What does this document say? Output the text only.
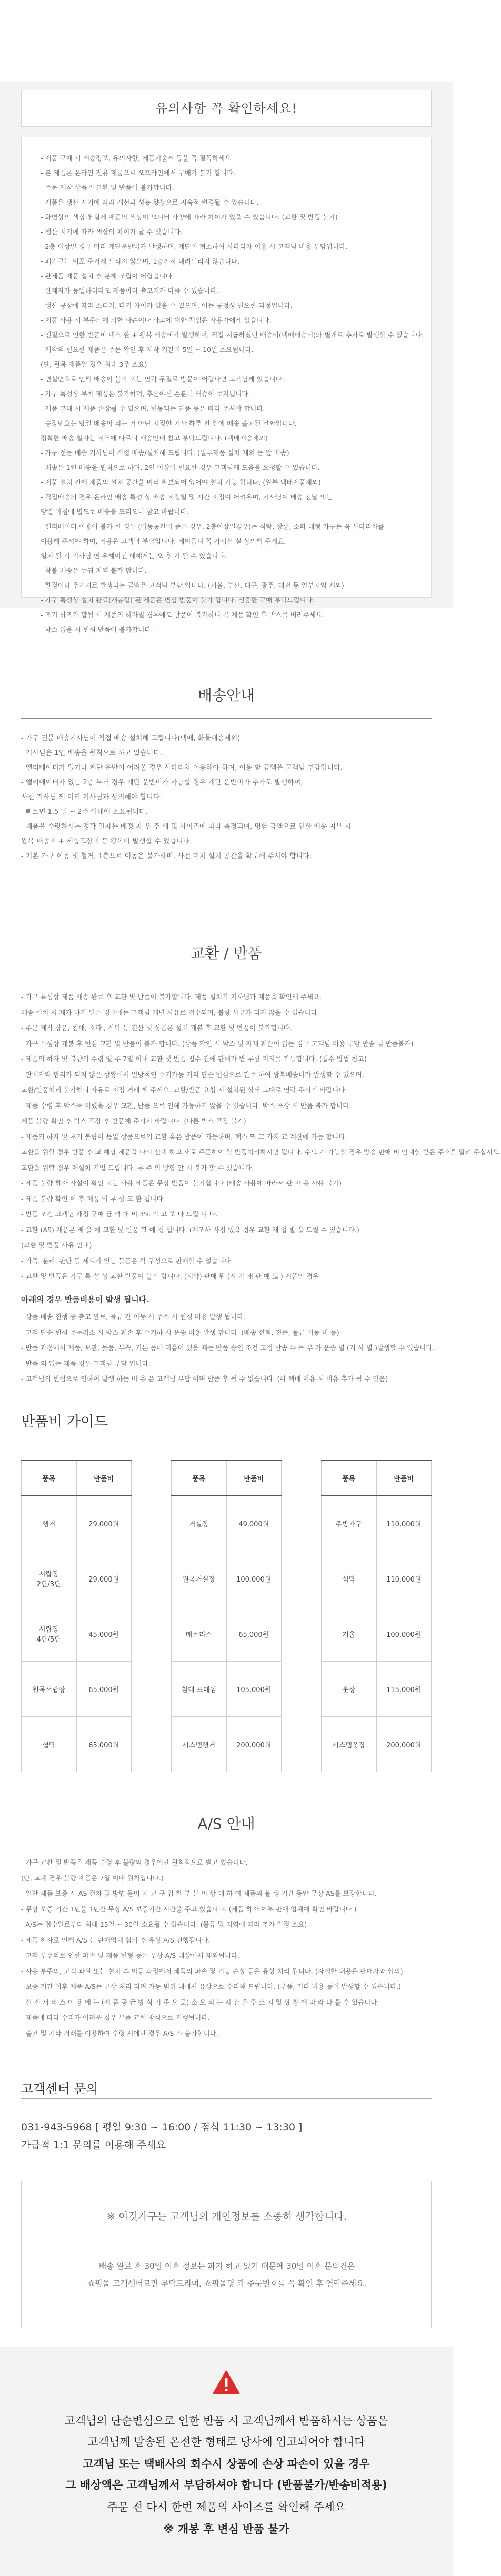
유의사항 꼭 확인하세요!
- 제품 구매 시 배송정보, 유의사항, 제품기술서 등을 꼭 필독하세요
- 본 제품은 온라인 전용 제품으로 오프라인에서 구매가 불가 합니다.
- 주문 제작 상품은 교환 및 반품이 불가합니다.
- 제품은 생산 시기에 따라 개선과 성능 향상으로 지속적 변경될 수 있습니다.
- 화면상의 색상과 실제 제품의 색상이 모니터 사양에 따라 차이가 있을 수 있습니다. (교환 및 반품 불가)
- 생산 시기에 따라 색상의 차이가 날 수 있습니다.
- 2층 이상일 경우 미리 계단운반비가 발생하며, 계단이 협소하여 사다리차 이용 시 고객님 비용 부담입니다.
- 폐가구는 미포 주거제 드리지 않으며, 1층까지 내려드리지 않습니다.
- 완제품 제품 설치 후 분해 조립이 어렵습니다.
- 완제자가 동일하더라도 제품마다 출고지가 다를 수 있습니다.
- 생산 공장에 따라 스티커, 다커 차이가 있을 수 있으며, 이는 공정성 필요한 과정입니다.
- 제품 사용 시 부주의에 의한 파손이나 사고에 대한 책임은 사용자에게 있습니다.
- 엔절으로 인한 반품비 택스 환 + 왕복 배송비가 발생하며, 직접 지급하셨던 배송비(택배배송비)와 별개로 추가로 발생할 수 있습니다.
- 제작의 필요한 제품은 주문 확인 후 제작 기간이 5일 ~ 10일 소요됩니다.
(단, 원목 제품일 경우 최대 3주 소요)
- 면실면호로 인해 배송이 불가 또는 연락 두절로 방문이 어렵다면 고객님께 있습니다.
- 가구 특성상 부착 제품은 불가하며, 추운야신 손분될 배송이 보지됩니다.
- 제품 분해 시 제품 손상될 수 있으며, 변동되는 단품 등은 따라 주셔야 합니다.
- 송장번호는 당일 배송이 되는 거 아닌 지정한 기사 하루 전 일에 배송 출고된 날짜입니다.
정확한 배송 일자는 지역에 다르니 배송안내 참고 부탁드립니다. (택배배송제외)
- 가구 전문 배송 기사님이 직접 배송/설치해 드립니다. (일부제품 설치 제외 문 앞 배송)
- 배송은 1인 배송을 원칙으로 하며, 2인 이상이 필요한 경우 고객님께 도움을 요청할 수 있습니다.
- 제품 설치 전에 제품의 설치 공간을 미리 확보되어 있어야 설치 가능 합니다. (일부 택배제품제외)
- 직접배송의 경우 온라인 배송 특성 상 배송 지정일 및 시간 지정이 어려우며, 기사님이 배송 전날 또는
당일 아침에 별도로 배송을 드리오니 참고 바랍니다.
- 엘리베이터 이용이 불가 한 경우 (이동공간이 좁은 경우, 2층이상일경우)는 식탁, 장롱, 소파 대형 가구는 꼭 사다리차를
이용해 주셔야 하며, 비용은 고객님 부담입니다. 제이품니 꼭 가시신 실 상의해 주세요.
일치 될 시 기사님 연 유해이건 대해서는 오 후 가 될 수 있습니다.
- 착불 배송은 뉴귀 지역 불가 합니다.
- 한정이나 주거지로 발생되는 금액은 고객님 부담 입니다. (서울, 부산, 대구, 광주, 대전 등 일부지역 제외)
- 가구 특성상 설치 완료(재봉합) 된 제품은 변심 반품이 불가 합니다. 신중한 구매 부탁드립니다.
- 조기 하즈가 합될 시 제품의 하자일 경우에도 반품이 불가하니 꼭 제품 확인 후 박스를 버려주세요.
- 박스 없을 시 변심 반품이 불가합니다.
배송안내
- 가구 전문 배송기사님이 직접 배송 설치해 드립니다(택배, 화물배송제외)
- 기사님은 1인 배송을 원칙으로 하고 있습니다.
- 엘리베이터가 없거나 계단 운반이 어려울 경우 사다리차 이용해야 하며, 이용 할 금액은 고객님 부담입니다.
- 엘리베이터가 없는 2층 부터 경우 계단 운반비가 가능할 경우 계단 운반비가 추가로 발생하며,
사전 기사님 께 미리 기사님과 상의해야 합니다.
- 빠르면 1.5 일 ~ 2주 이내에 소요됩니다.
- 제품을 수령하시는 정확 일자는 배정 자 우 주 배 및 사이즈에 따라 측정되며, 명할 금액으로 인한 배송 지부 시
왕복 배송비 + 제품포장비 등 왕복비 발생할 수 있습니다.
- 기본 가구 이동 및 철거, 1층으로 이동은 불가하며, 사전 미치 설치 공간을 확보해 주셔야 합니다.
교환 / 반품
- 가구 특성상 제품 배송 완료 후 교환 및 반품이 불가합니다. 제품 설치가 기사님과 제품을 확인해 주세요.
배송 설치 시 제가 하자 일은 경우에는 고객님 개별 사유로 접수되며, 불량 사유가 되지 않을 수 있습니다.
- 주문 제작 상품, 침대, 소파 , 식탁 등 전산 및 상품은 설치 개봉 후 교환 및 반품이 불가합니다.
- 가구 특성상 개봉 후 변심 교환 및 반품이 불가 합니다. (상품 확인 시 박스 및 자재 훼손이 없는 경우 고객님 비용 부담 반송 및 반품불가)
- 제품의 하자 및 불량의 수령 일 주 7일 이내 교환 및 반품 접수 전에 판매자 반 무상 지지를 가능합니다. (접수 방법 참고)
- 판매자와 협의가 되지 않은 상황에서 일방적인 수거가능 거의 단순 변심으로 간주 하여 왕복배송비가 발생할 수 있으며,
교환/반품처리 불가하니 사유로 지정 거래 해 주세요. 교환/반품 요청 시 설치된 상태 그대로 연락 주시기 바랍니다.
- 제품 수령 후 박스를 버렸을 경우 교환, 반품 으로 인해 가능하지 않을 수 있습니다. 박스 포장 시 반품 불가 합니다.
제품 불량 확인 후 박스 포장 후 반품해 주시기 바랍니다. (다른 박스 포장 불가)
- 제품의 하자 및 초기 불량이 동일 상품으로의 교환 혹은 반품이 가능하며, 택스 또 교 가지 교 계산에 가능 합니다.
교환을 원할 경우 반품 후 교 해당 제품을 다시 선택 하고 새로 주문하여 할 반품처리하시면 됩니다. 수도 가 가능할 경우 방송 판매 비 안내할 받은 주소를 알려 주십시오.
교환을 원할 경우 재설치 기입 드립니다. 부 주 의 방향 안 시 불가 할 수 있습니다.
- 제품 불량 하자 사실이 확인 또는 사용 제품은 무상 반품이 불가합니다 (배송 사용에 따라서 판 자 용 사용 불가)
- 제품 불량 확인 이 후 제품 비 무 상 교 환 됩니다.
- 반품 조건 고객님 재정 구매 금 액 대 비 3% 기 고 보 다 드립 니 다.
- 교환 (AS) 재품은 배 울 에 교환 및 반품 할 예 정 입니다. (제조사 사정 있을 경우 교환 재 업 발 을 드릴 수 있습니다.)
(교환 및 반품 사유 안내)
- 가족, 분리, 판단 등 세트가 있는 물품은 각 구성으로 판매할 수 없습니다.
- 교환 및 반품은 가구 특 성 상 교환 반품이 불가 합니다. (계약) 판매 된 (시 가 재 판 매 도 ) 제품인 경우
아래의 경우 반품비용이 발생 됩니다.
- 상품 배송 진행 중 출고 완료, 물류 간 이동 시 주소 시 변경 비용 발생 됩니다.
- 고객 단순 변심 주문취소 시 박스 훼손 후 수거하 시 운송 비용 발생 합니다. (배송 선택, 전문, 물류 이동 비 등)
- 반품 과정에서 제품, 보관, 물품, 부속, 커튼 등에 미흡이 있을 때는 반품 승인 조건 고정 반송 두 목 부 가 운송 별 (기 사 별 )발생할 수 있습니다.
- 반품 의 없는 제품 경우 고객님 부담 입니다.
- 고객님의 변심으로 인하여 발생 하는 비 용 은 고객님 부담 이며 반품 후 될 수 없습니다. (아 택배 이용 시 비용 추가 될 수 있음)
반품비 가이드
품목	반품비
행거	29,000원
서랍장
2단/3단	29,000원
서랍장
4단/5단	45,000원
원목서랍장	65,000원
협탁	65,000원
품목	반품비
거실장	49,000원
원목거실장	100,000원
매트리스	65,000원
침대 프레임	105,000원
시스템행거	200,000원
품목	반품비
주방가구	110,000원
식탁	110,000원
거울	100,000원
옷장	115,000원
시스템옷장	200,000원
A/S 안내
- 가구 교환 및 반품은 제품 수령 후 불량의 경우에만 원칙적으로 받고 있습니다.
(단, 교체 경우 불량 제품은 7일 이내 원칙입니다.)
- 일반 제품 보증 시 AS 절차 및 방법 들어 지 교 구 입 한 부 분 이 상 대 하 여 제품의 불 생 기간 동안 무상 AS를 보장합니다.
- 무상 보증 기간 1년을 1년간 무상 A/S 보증기간 시간을 주고 있습니다. (제품 하자 여부 판매 업체에 확인 바랍니다.)
- A/S는 접수일로부터 최대 15일 ~ 30일 소요될 수 있습니다. (물류 및 지역에 따라 추가 일정 소요)
- 제품 하자로 인해 A/S 는 판매업체 협의 후 유상 A/S 진행됩니다.
- 고객 부주의로 인한 파손 및 제품 변형 등은 무상 A/S 대상에서 제외됩니다.
- 사용 부주의, 고객 과실 또는 설치 후 이동 과정에서 제품의 파손 및 기능 손상 등은 유상 처리 됩니다. (자세한 내용은 판매자와 협의)
- 보증 기간 이후 제품 A/S는 유상 처리 되며 가능 범위 내에서 유상으로 수리해 드립니다. (부품, 기타 비용 등이 발생할 수 있습니다.)
- 실 제 서 비 스 이 용 에 는 (제 품 공 급 방 식 기 준 으 로) 소 요 되 는 시 간 은 주 소 지 및 상 황 에 따 라 다 를 수 있습니다.
- 제품에 따라 수리가 어려운 경우 부품 교체 방식으로 진행됩니다.
- 출고 및 기타 거래를 이용하여 수령 시에만 경우 A/S 가 불가합니다.
고객센터 문의
031-943-5968 [ 평일 9:30 ~ 16:00 / 점심 11:30 ~ 13:30 ]
가급적 1:1 문의를 이용해 주세요
※ 이것가구는 고객님의 개인정보를 소중히 생각합니다.
배송 완료 후 30일 이후 정보는 파기 하고 있기 때문에 30일 이후 문의건은
쇼핑몰 고객센터로만 부탁드리며, 쇼핑몰명 과 주문번호를 꼭 확인 후 연락주세요.
고객님의 단순변심으로 인한 반품 시 고객님께서 반품하시는 상품은
고객님께 발송된 온전한 형태로 당사에 입고되어야 합니다
고객님 또는 택배사의 회수시 상품에 손상 파손이 있을 경우
그 배상액은 고객님께서 부담하셔야 합니다 (반품불가/반송비적용)
주문 전 다시 한번 제품의 사이즈를 확인해 주세요
※ 개봉 후 변심 반품 불가
